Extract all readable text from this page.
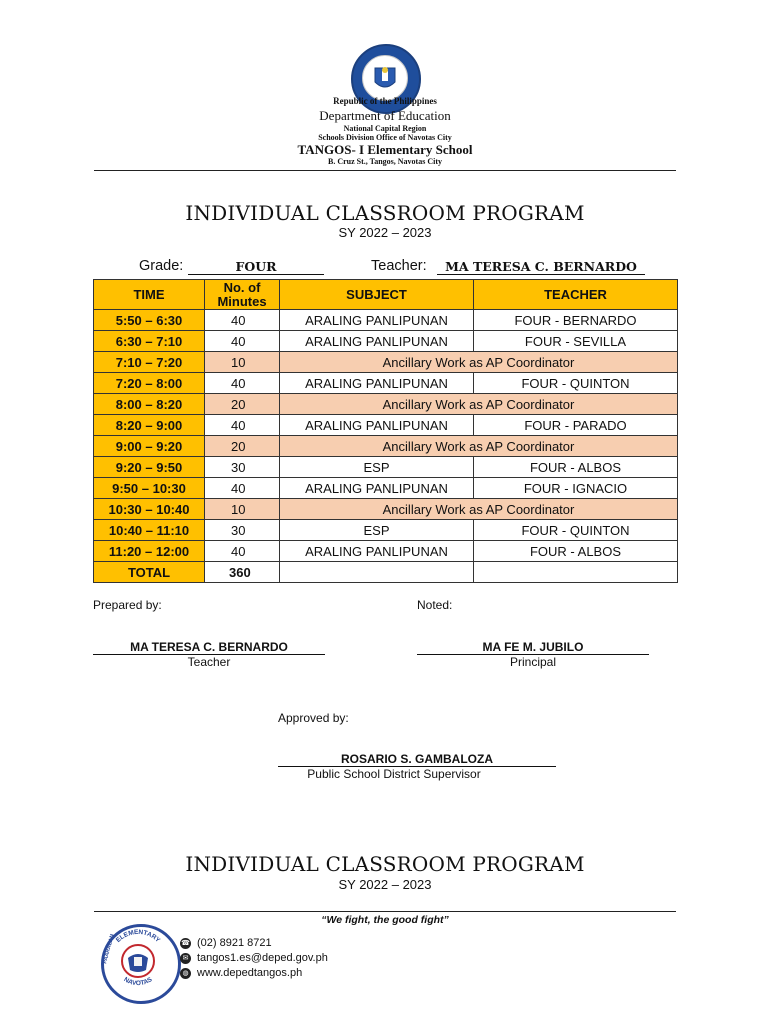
Republic of the Philippines
Department of Education
National Capital Region
Schools Division Office of Navotas City
TANGOS- I Elementary School
B. Cruz St., Tangos, Navotas City
INDIVIDUAL CLASSROOM PROGRAM
SY 2022 – 2023
Grade:	FOUR	Teacher:	MA TERESA C. BERNARDO
TIME	No. of Minutes	SUBJECT	TEACHER
5:50 – 6:30	40	ARALING PANLIPUNAN	FOUR - BERNARDO
6:30 – 7:10	40	ARALING PANLIPUNAN	FOUR - SEVILLA
7:10 – 7:20	10	Ancillary Work as AP Coordinator	
7:20 – 8:00	40	ARALING PANLIPUNAN	FOUR - QUINTON
8:00 – 8:20	20	Ancillary Work as AP Coordinator	
8:20 – 9:00	40	ARALING PANLIPUNAN	FOUR - PARADO
9:00 – 9:20	20	Ancillary Work as AP Coordinator	
9:20 – 9:50	30	ESP	FOUR - ALBOS
9:50 – 10:30	40	ARALING PANLIPUNAN	FOUR - IGNACIO
10:30 – 10:40	10	Ancillary Work as AP Coordinator	
10:40 – 11:10	30	ESP	FOUR - QUINTON
11:20 – 12:00	40	ARALING PANLIPUNAN	FOUR - ALBOS
TOTAL	360		
Prepared by:	Noted:
MA TERESA C. BERNARDO
Teacher
MA FE M. JUBILO
Principal
Approved by:
ROSARIO S. GAMBALOZA
Public School District Supervisor
INDIVIDUAL CLASSROOM PROGRAM
SY 2022 – 2023
“We fight, the good fight”
ELEMENTARY
NAVOTAS
PAARALAN	☎ (02) 8921 8721
✉ tangos1.es@deped.gov.ph
◍ www.depedtangos.ph
